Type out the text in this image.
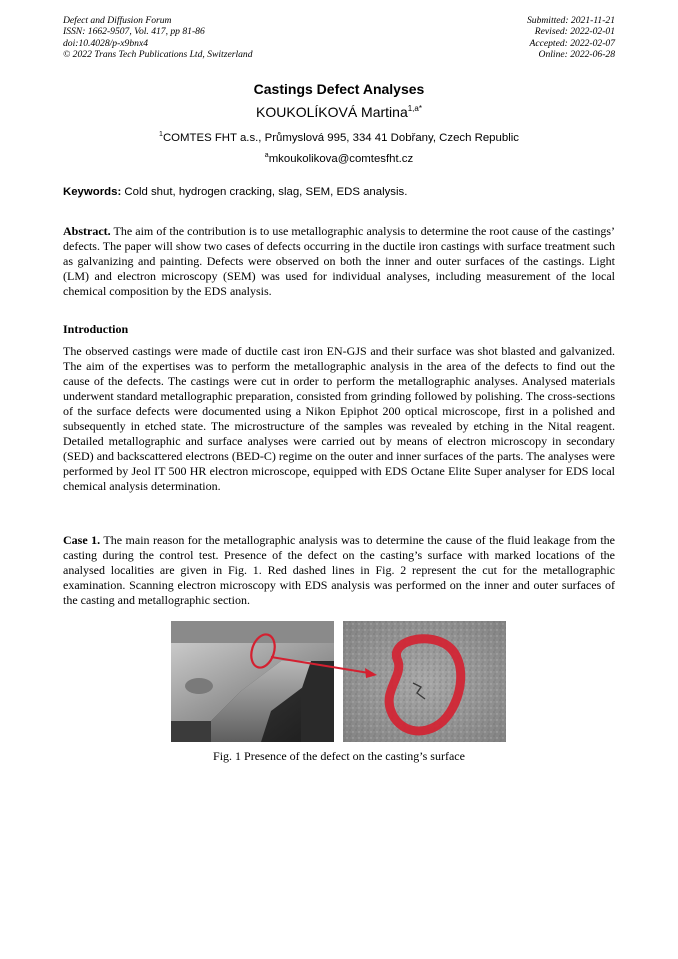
Defect and Diffusion Forum
ISSN: 1662-9507, Vol. 417, pp 81-86
doi:10.4028/p-x9bnx4
© 2022 Trans Tech Publications Ltd, Switzerland
Submitted: 2021-11-21
Revised: 2022-02-01
Accepted: 2022-02-07
Online: 2022-06-28
Castings Defect Analyses
KOUKOLÍKOVÁ Martina$^{1,a*}$
$^1$COMTES FHT a.s., Průmyslová 995, 334 41 Dobřany, Czech Republic
$^a$mkoukolikova@comtesfht.cz
Keywords: Cold shut, hydrogen cracking, slag, SEM, EDS analysis.
Abstract. The aim of the contribution is to use metallographic analysis to determine the root cause of the castings’ defects. The paper will show two cases of defects occurring in the ductile iron castings with surface treatment such as galvanizing and painting. Defects were observed on both the inner and outer surfaces of the castings. Light (LM) and electron microscopy (SEM) was used for individual analyses, including measurement of the local chemical composition by the EDS analysis.
Introduction
The observed castings were made of ductile cast iron EN-GJS and their surface was shot blasted and galvanized. The aim of the expertises was to perform the metallographic analysis in the area of the defects to find out the cause of the defects. The castings were cut in order to perform the metallographic analyses. Analysed materials underwent standard metallographic preparation, consisted from grinding followed by polishing. The cross-sections of the surface defects were documented using a Nikon Epiphot 200 optical microscope, first in a polished and subsequently in etched state. The microstructure of the samples was revealed by etching in the Nital reagent. Detailed metallographic and surface analyses were carried out by means of electron microscopy in secondary (SED) and backscattered electrons (BED-C) regime on the outer and inner surfaces of the parts. The analyses were performed by Jeol IT 500 HR electron microscope, equipped with EDS Octane Elite Super analyser for EDS local chemical analysis determination.
Case 1. The main reason for the metallographic analysis was to determine the cause of the fluid leakage from the casting during the control test. Presence of the defect on the casting’s surface with marked locations of the analysed localities are given in Fig. 1. Red dashed lines in Fig. 2 represent the cut for the metallographic examination. Scanning electron microscopy with EDS analysis was performed on the inner and outer surfaces of the casting and metallographic section.
Fig. 1 Presence of the defect on the casting’s surface
